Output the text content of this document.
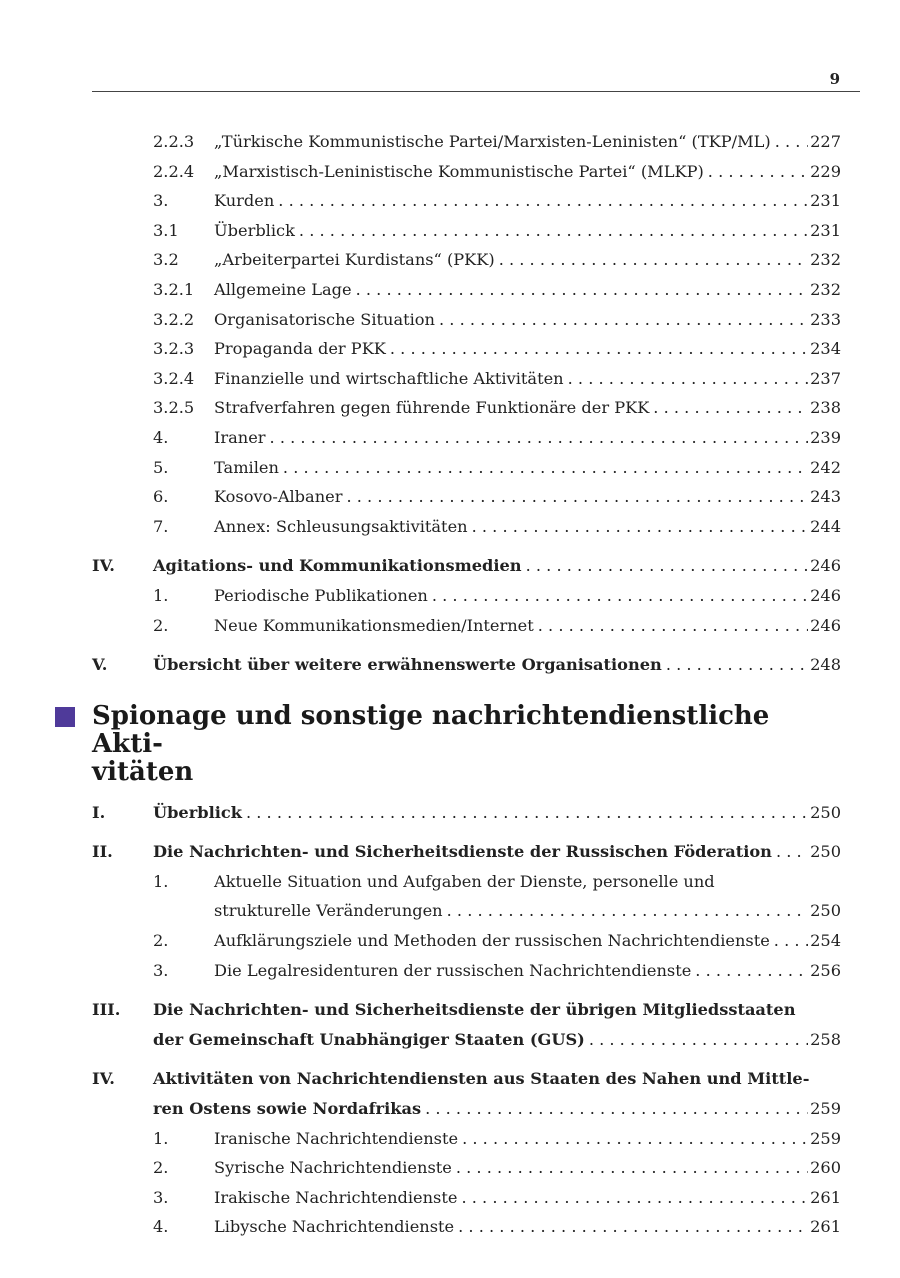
9
2.2.3	„Türkische Kommunistische Partei/Marxisten-Leninisten“ (TKP/ML) . . . 227
2.2.4	„Marxistisch-Leninistische Kommunistische Partei“ (MLKP) . . .	229
3.	Kurden . . .	231
3.1	Überblick . . .	231
3.2	„Arbeiterpartei Kurdistans“ (PKK) . . .	232
3.2.1	Allgemeine Lage . . .	232
3.2.2	Organisatorische Situation . . .	233
3.2.3	Propaganda der PKK . . .	234
3.2.4	Finanzielle und wirtschaftliche Aktivitäten . . .	237
3.2.5	Strafverfahren gegen führende Funktionäre der PKK . . .	238
4.	Iraner . . .	239
5.	Tamilen . . .	242
6.	Kosovo-Albaner . . .	243
7.	Annex: Schleusungsaktivitäten . . .	244
IV.	Agitations- und Kommunikationsmedien . . .	246
1.	Periodische Publikationen . . .	246
2.	Neue Kommunikationsmedien/Internet . . .	246
V.	Übersicht über weitere erwähnenswerte Organisationen . . .	248
Spionage und sonstige nachrichtendienstliche Akti-
vitäten
I.	Überblick . . .	250
II.	Die Nachrichten- und Sicherheitsdienste der Russischen Föderation . . . 250
1.	Aktuelle Situation und Aufgaben der Dienste, personelle und
strukturelle Veränderungen . . .	250
2.	Aufklärungsziele und Methoden der russischen Nachrichtendienste . . . 254
3.	Die Legalresidenturen der russischen Nachrichtendienste . . .	256
III.	Die Nachrichten- und Sicherheitsdienste der übrigen Mitgliedsstaaten
der Gemeinschaft Unabhängiger Staaten (GUS) . . .	258
IV.	Aktivitäten von Nachrichtendiensten aus Staaten des Nahen und Mittle-
ren Ostens sowie Nordafrikas . . .	259
1.	Iranische Nachrichtendienste . . .	259
2.	Syrische Nachrichtendienste . . .	260
3.	Irakische Nachrichtendienste . . .	261
4.	Libysche Nachrichtendienste . . .	261
